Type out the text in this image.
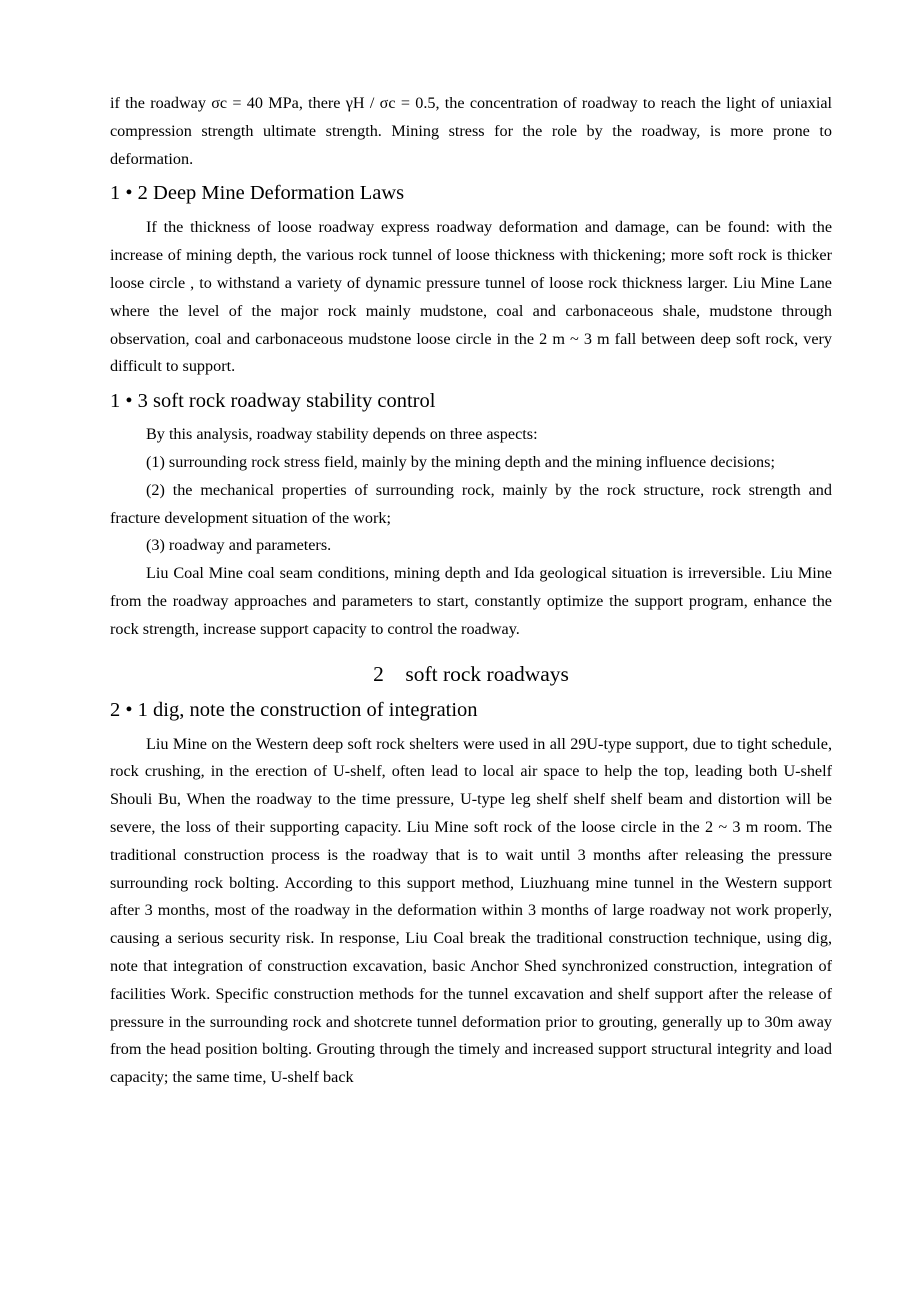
if the roadway σc = 40 MPa, there γH / σc = 0.5, the concentration of roadway to reach the light of uniaxial compression strength ultimate strength. Mining stress for the role by the roadway, is more prone to deformation.

1 • 2 Deep Mine Deformation Laws

If the thickness of loose roadway express roadway deformation and damage, can be found: with the increase of mining depth, the various rock tunnel of loose thickness with thickening; more soft rock is thicker loose circle , to withstand a variety of dynamic pressure tunnel of loose rock thickness larger. Liu Mine Lane where the level of the major rock mainly mudstone, coal and carbonaceous shale, mudstone through observation, coal and carbonaceous mudstone loose circle in the 2 m ~ 3 m fall between deep soft rock, very difficult to support.

1 • 3 soft rock roadway stability control

By this analysis, roadway stability depends on three aspects:

(1) surrounding rock stress field, mainly by the mining depth and the mining influence decisions;

(2) the mechanical properties of surrounding rock, mainly by the rock structure, rock strength and fracture development situation of the work;

(3) roadway and parameters.

Liu Coal Mine coal seam conditions, mining depth and Ida geological situation is irreversible. Liu Mine from the roadway approaches and parameters to start, constantly optimize the support program, enhance the rock strength, increase support capacity to control the roadway.

2    soft rock roadways
2 • 1 dig, note the construction of integration

Liu Mine on the Western deep soft rock shelters were used in all 29U-type support, due to tight schedule, rock crushing, in the erection of U-shelf, often lead to local air space to help the top, leading both U-shelf Shouli Bu, When the roadway to the time pressure, U-type leg shelf shelf shelf beam and distortion will be severe, the loss of their supporting capacity. Liu Mine soft rock of the loose circle in the 2 ~ 3 m room. The traditional construction process is the roadway that is to wait until 3 months after releasing the pressure surrounding rock bolting. According to this support method, Liuzhuang mine tunnel in the Western support after 3 months, most of the roadway in the deformation within 3 months of large roadway not work properly, causing a serious security risk. In response, Liu Coal break the traditional construction technique, using dig, note that integration of construction excavation, basic Anchor Shed synchronized construction, integration of facilities Work. Specific construction methods for the tunnel excavation and shelf support after the release of pressure in the surrounding rock and shotcrete tunnel deformation prior to grouting, generally up to 30m away from the head position bolting. Grouting through the timely and increased support structural integrity and load capacity; the same time, U-shelf back
